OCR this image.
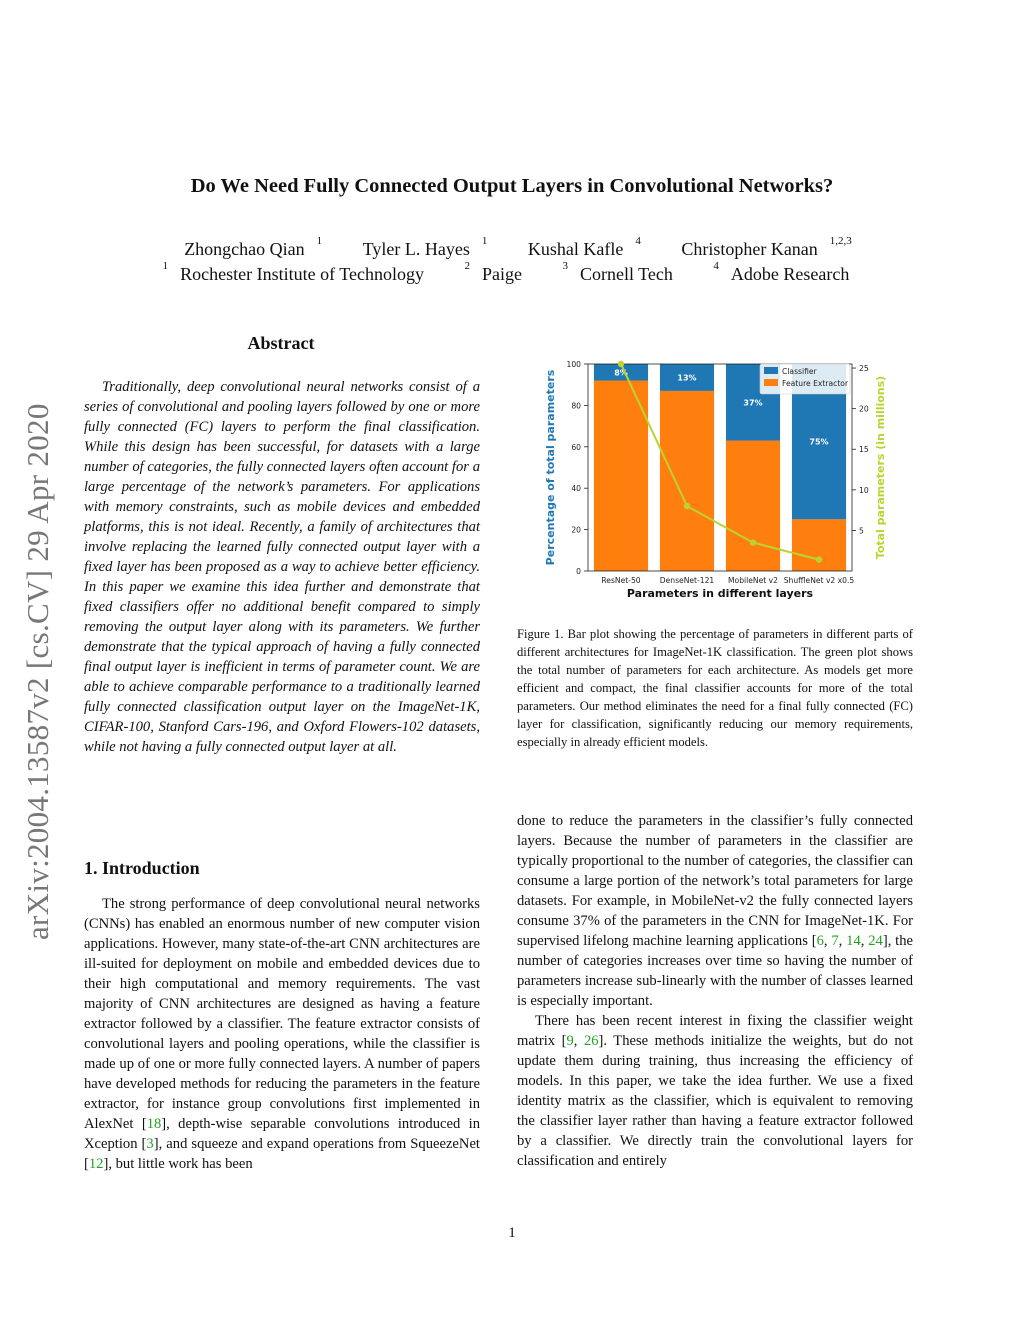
Do We Need Fully Connected Output Layers in Convolutional Networks?
Zhongchao Qian $^1$ Tyler L. Hayes $^1$ Kushal Kafle $^4$ Christopher Kanan $^{1,2,3}$
$^1$ Rochester Institute of Technology	$^2$ Paige	$^3$ Cornell Tech	$^4$ Adobe Research
arXiv:2004.13587v2 [cs.CV] 29 Apr 2020
Abstract
Traditionally, deep convolutional neural networks consist of a series of convolutional and pooling layers followed by one or more fully connected (FC) layers to perform the final classification. While this design has been successful, for datasets with a large number of categories, the fully connected layers often account for a large percentage of the network’s parameters. For applications with memory constraints, such as mobile devices and embedded platforms, this is not ideal. Recently, a family of architectures that involve replacing the learned fully connected output layer with a fixed layer has been proposed as a way to achieve better efficiency. In this paper we examine this idea further and demonstrate that fixed classifiers offer no additional benefit compared to simply removing the output layer along with its parameters. We further demonstrate that the typical approach of having a fully connected final output layer is inefficient in terms of parameter count. We are able to achieve comparable performance to a traditionally learned fully connected classification output layer on the ImageNet-1K, CIFAR-100, Stanford Cars-196, and Oxford Flowers-102 datasets, while not having a fully connected output layer at all.
1. Introduction
The strong performance of deep convolutional neural networks (CNNs) has enabled an enormous number of new computer vision applications. However, many state-of-the-art CNN architectures are ill-suited for deployment on mobile and embedded devices due to their high computational and memory requirements. The vast majority of CNN architectures are designed as having a feature extractor followed by a classifier. The feature extractor consists of convolutional layers and pooling operations, while the classifier is made up of one or more fully connected layers. A number of papers have developed methods for reducing the parameters in the feature extractor, for instance group convolutions first implemented in AlexNet [18], depth-wise separable convolutions introduced in Xception [3], and squeeze and expand operations from SqueezeNet [12], but little work has been
8%
13%
37%
75%
Parameters in different layers
Percentage of total parameters	Total parameters (in millions)
ResNet-50	DenseNet-121 MobileNet v2 ShuffleNet v2 x0.5
0
20
40
60
80
100
5
10
15
20
25
Classifier
Feature Extractor
Figure 1. Bar plot showing the percentage of parameters in different parts of different architectures for ImageNet-1K classification. The green plot shows the total number of parameters for each architecture. As models get more efficient and compact, the final classifier accounts for more of the total parameters. Our method eliminates the need for a final fully connected (FC) layer for classification, significantly reducing our memory requirements, especially in already efficient models.

done to reduce the parameters in the classifier’s fully connected layers. Because the number of parameters in the classifier are typically proportional to the number of categories, the classifier can consume a large portion of the network’s total parameters for large datasets. For example, in MobileNet-v2 the fully connected layers consume 37% of the parameters in the CNN for ImageNet-1K. For supervised lifelong machine learning applications [6, 7, 14, 24], the number of categories increases over time so having the number of parameters increase sub-linearly with the number of classes learned is especially important.

There has been recent interest in fixing the classifier weight matrix [9, 26]. These methods initialize the weights, but do not update them during training, thus increasing the efficiency of models. In this paper, we take the idea further. We use a fixed identity matrix as the classifier, which is equivalent to removing the classifier layer rather than having a feature extractor followed by a classifier. We directly train the convolutional layers for classification and entirely

1
